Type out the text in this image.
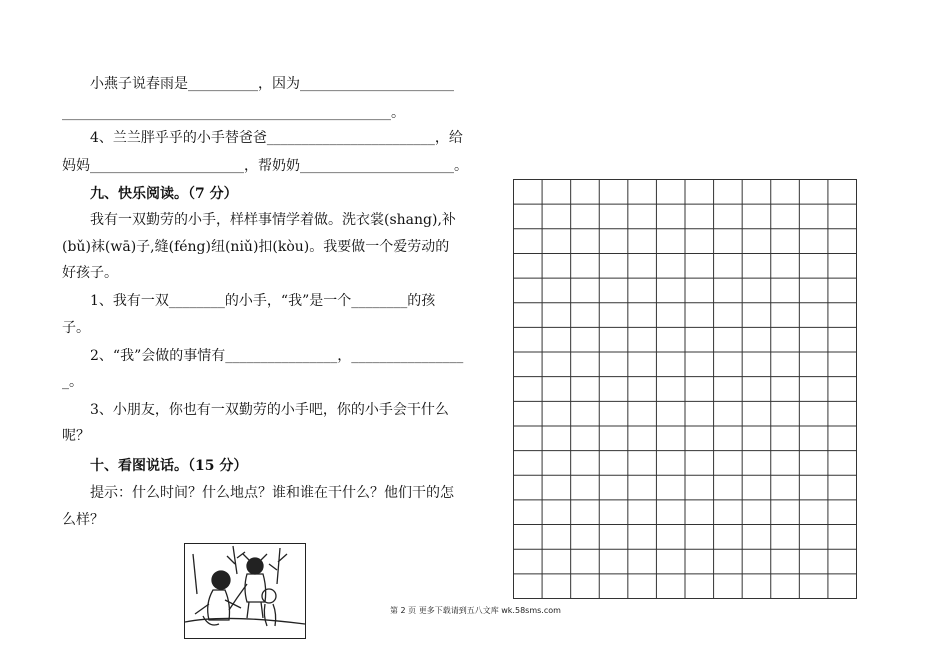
小燕子说春雨是__________，因为______________________
_______________________________________________。
4、兰兰胖乎乎的小手替爸爸________________________，给
妈妈______________________，帮奶奶______________________。
九、快乐阅读。（7 分）
我有一双勤劳的小手，样样事情学着做。洗衣裳(shang),补
(bǔ)袜(wā)子,缝(féng)纽(niǔ)扣(kòu)。我要做一个爱劳动的
好孩子。
1、我有一双________的小手，“我”是一个________的孩
子。
2、“我”会做的事情有________________，________________
_。
3、小朋友，你也有一双勤劳的小手吧，你的小手会干什么
呢？
十、看图说话。（15 分）
提示：什么时间？什么地点？谁和谁在干什么？他们干的怎
么样？
第 2 页 更多下载请到五八文库 wk.58sms.com
